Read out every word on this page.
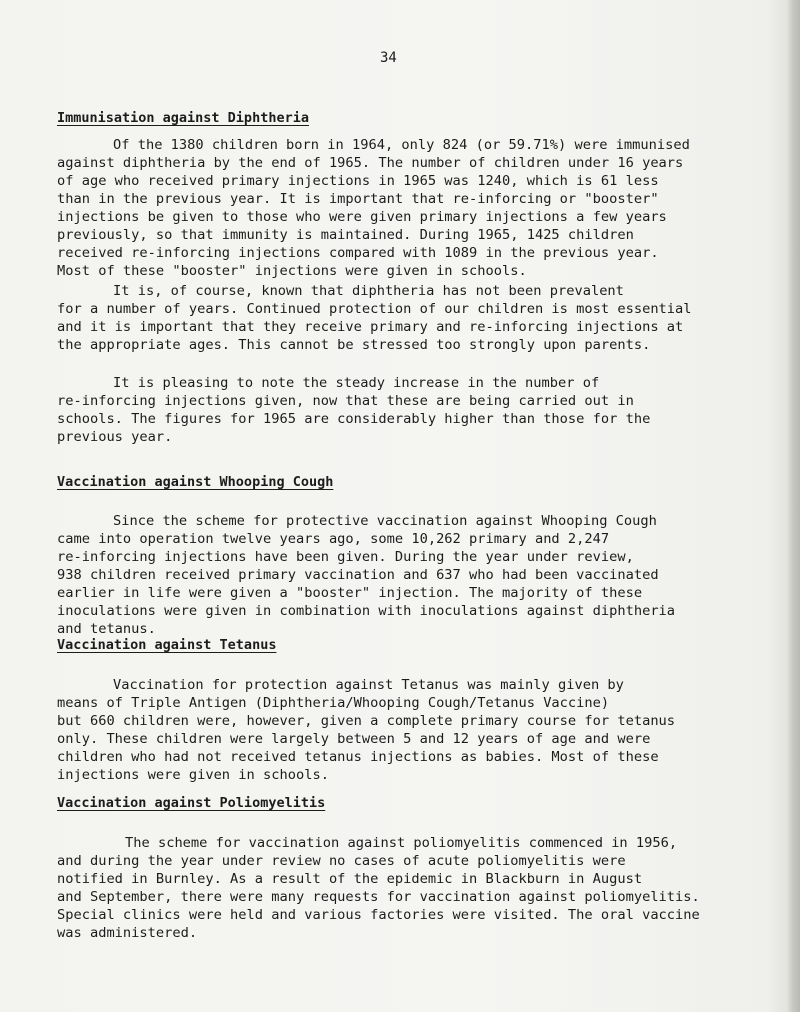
34
Immunisation against Diphtheria
Of the 1380 children born in 1964, only 824 (or 59.71%) were immunised
against diphtheria by the end of 1965. The number of children under 16 years
of age who received primary injections in 1965 was 1240, which is 61 less
than in the previous year. It is important that re-inforcing or "booster"
injections be given to those who were given primary injections a few years
previously, so that immunity is maintained. During 1965, 1425 children
received re-inforcing injections compared with 1089 in the previous year.
Most of these "booster" injections were given in schools.
It is, of course, known that diphtheria has not been prevalent
for a number of years. Continued protection of our children is most essential
and it is important that they receive primary and re-inforcing injections at
the appropriate ages. This cannot be stressed too strongly upon parents.
It is pleasing to note the steady increase in the number of
re-inforcing injections given, now that these are being carried out in
schools. The figures for 1965 are considerably higher than those for the
previous year.
Vaccination against Whooping Cough
Since the scheme for protective vaccination against Whooping Cough
came into operation twelve years ago, some 10,262 primary and 2,247
re-inforcing injections have been given. During the year under review,
938 children received primary vaccination and 637 who had been vaccinated
earlier in life were given a "booster" injection. The majority of these
inoculations were given in combination with inoculations against diphtheria
and tetanus.
Vaccination against Tetanus
Vaccination for protection against Tetanus was mainly given by
means of Triple Antigen (Diphtheria/Whooping Cough/Tetanus Vaccine)
but 660 children were, however, given a complete primary course for tetanus
only. These children were largely between 5 and 12 years of age and were
children who had not received tetanus injections as babies. Most of these
injections were given in schools.
Vaccination against Poliomyelitis
The scheme for vaccination against poliomyelitis commenced in 1956,
and during the year under review no cases of acute poliomyelitis were
notified in Burnley. As a result of the epidemic in Blackburn in August
and September, there were many requests for vaccination against poliomyelitis.
Special clinics were held and various factories were visited. The oral vaccine
was administered.
